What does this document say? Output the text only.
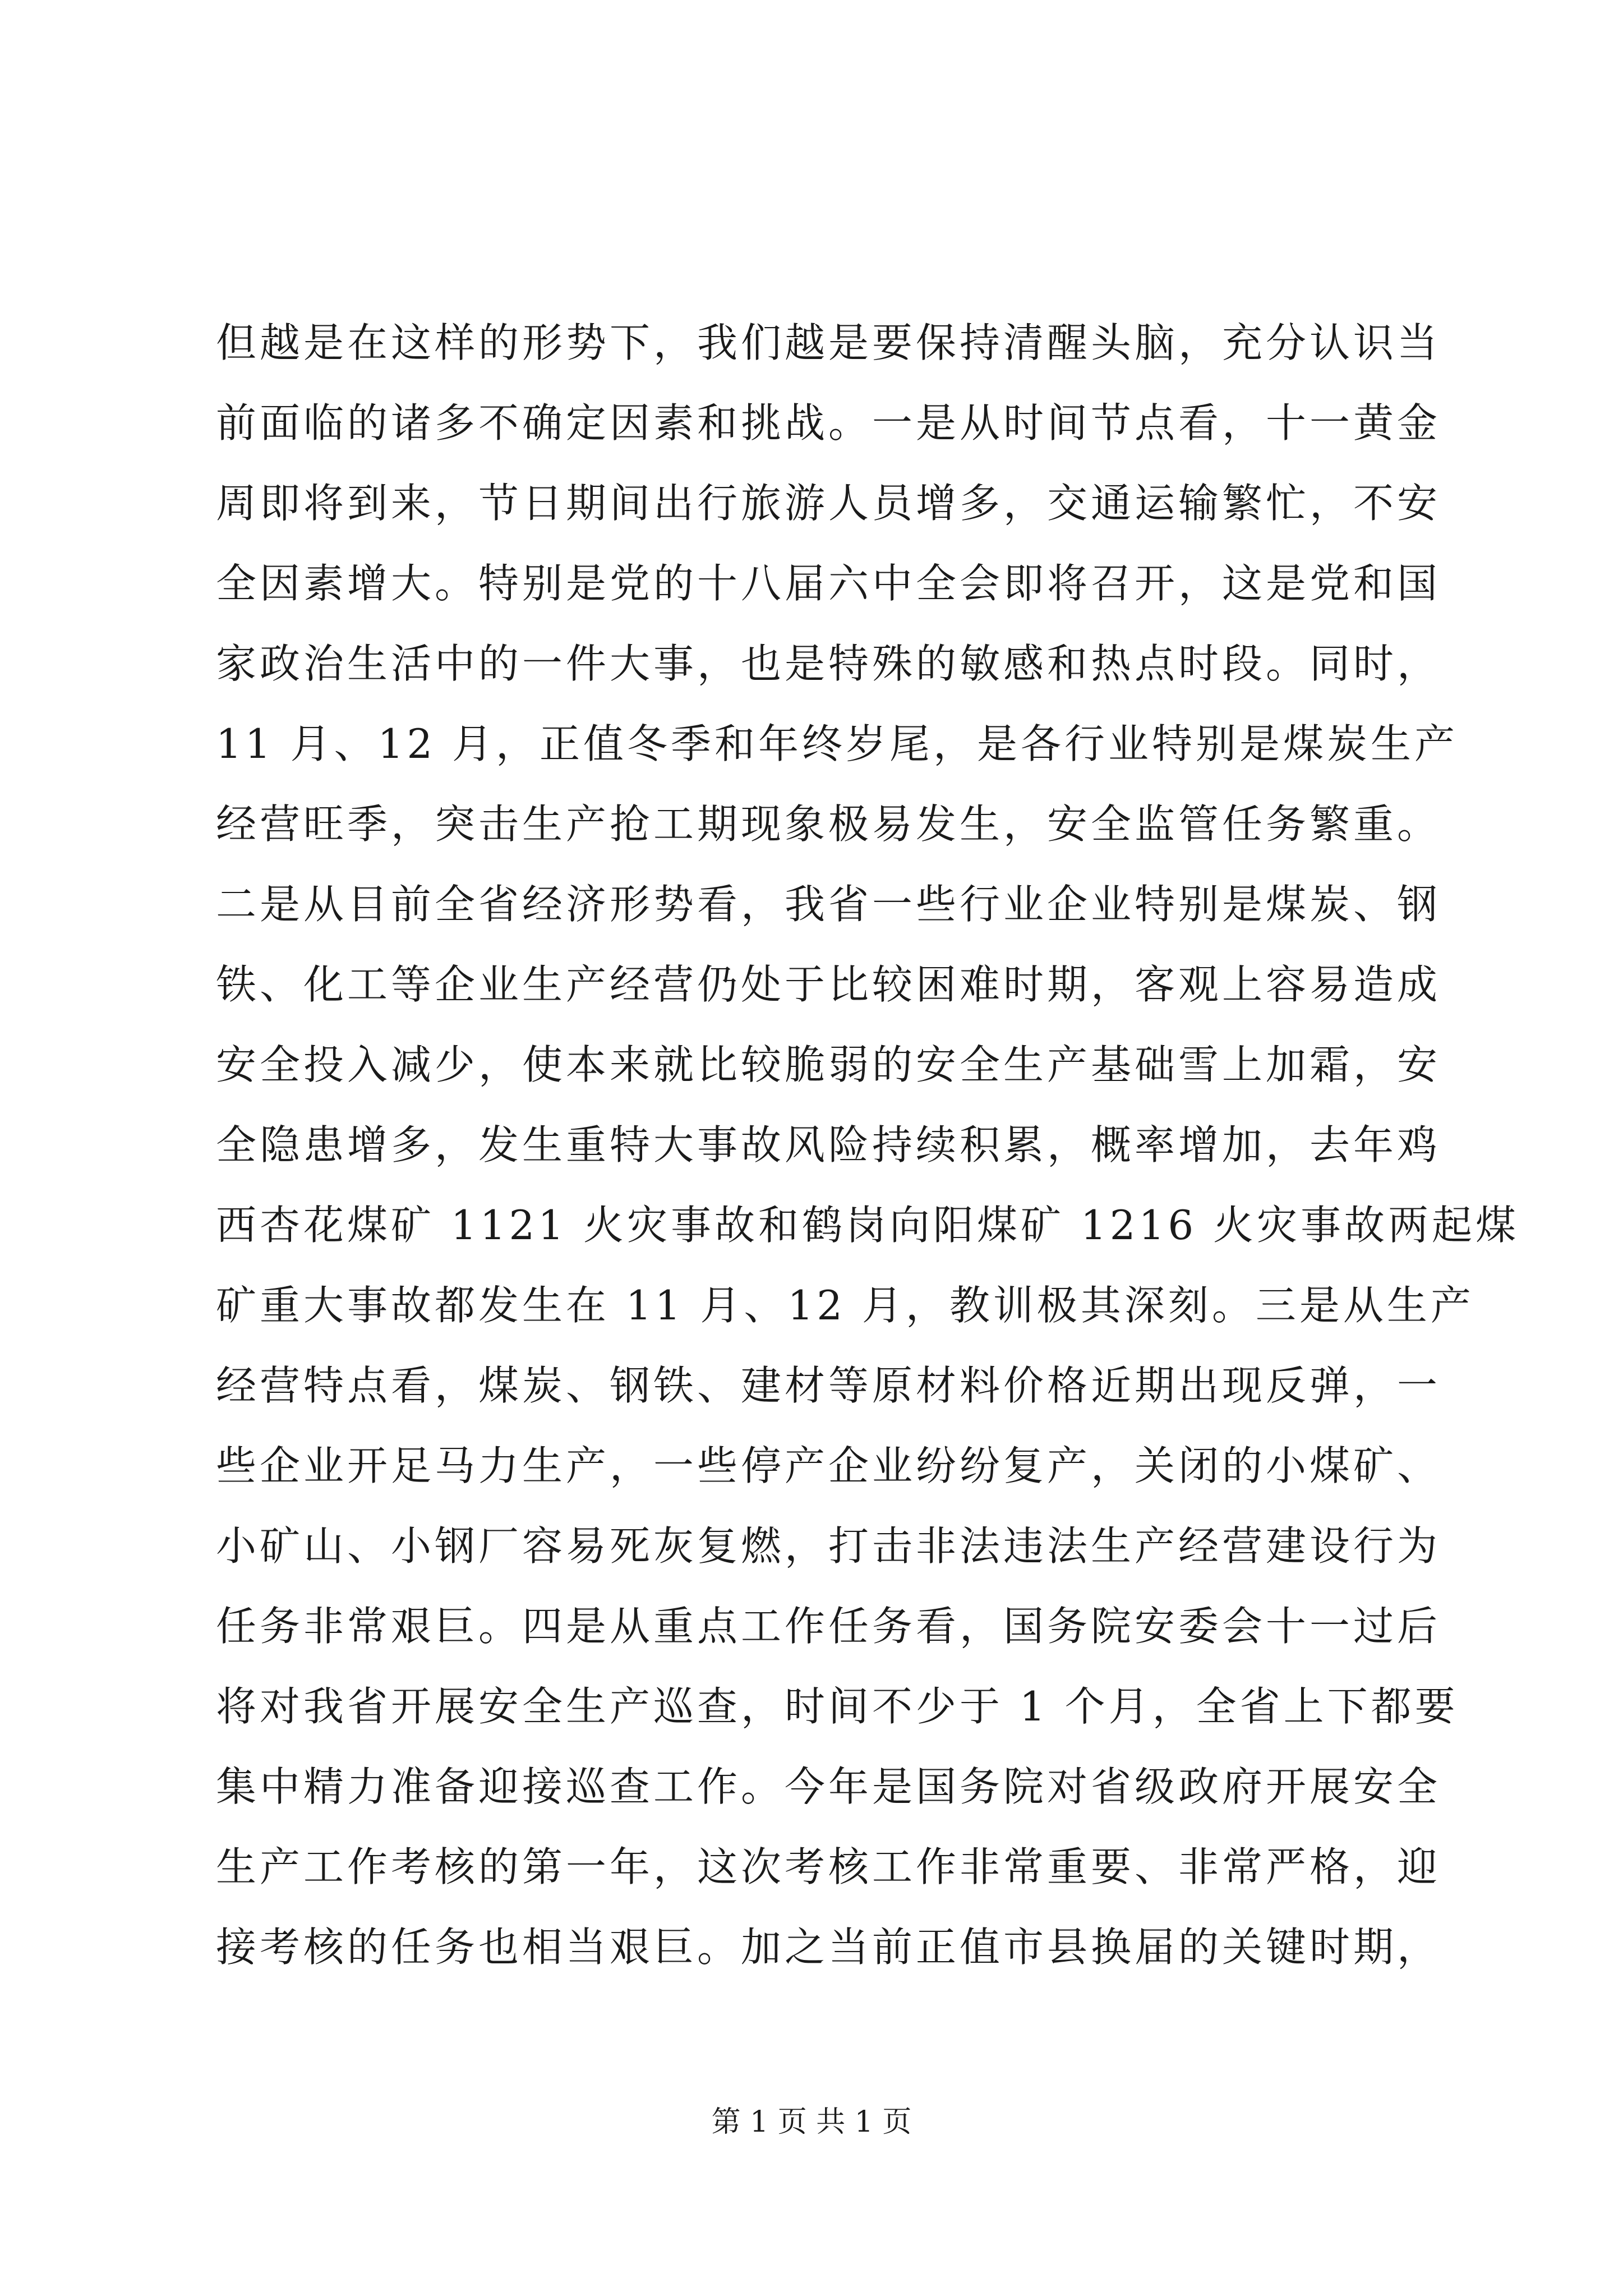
但越是在这样的形势下，我们越是要保持清醒头脑，充分认识当
前面临的诸多不确定因素和挑战。一是从时间节点看，十一黄金
周即将到来，节日期间出行旅游人员增多，交通运输繁忙，不安
全因素增大。特别是党的十八届六中全会即将召开，这是党和国
家政治生活中的一件大事，也是特殊的敏感和热点时段。同时，
11 月、12 月，正值冬季和年终岁尾，是各行业特别是煤炭生产
经营旺季，突击生产抢工期现象极易发生，安全监管任务繁重。
二是从目前全省经济形势看，我省一些行业企业特别是煤炭、钢
铁、化工等企业生产经营仍处于比较困难时期，客观上容易造成
安全投入减少，使本来就比较脆弱的安全生产基础雪上加霜，安
全隐患增多，发生重特大事故风险持续积累，概率增加，去年鸡
西杏花煤矿 1121 火灾事故和鹤岗向阳煤矿 1216 火灾事故两起煤
矿重大事故都发生在 11 月、12 月，教训极其深刻。三是从生产
经营特点看，煤炭、钢铁、建材等原材料价格近期出现反弹，一
些企业开足马力生产，一些停产企业纷纷复产，关闭的小煤矿、
小矿山、小钢厂容易死灰复燃，打击非法违法生产经营建设行为
任务非常艰巨。四是从重点工作任务看，国务院安委会十一过后
将对我省开展安全生产巡查，时间不少于 1 个月，全省上下都要
集中精力准备迎接巡查工作。今年是国务院对省级政府开展安全
生产工作考核的第一年，这次考核工作非常重要、非常严格，迎
接考核的任务也相当艰巨。加之当前正值市县换届的关键时期，
第 1 页 共 1 页
